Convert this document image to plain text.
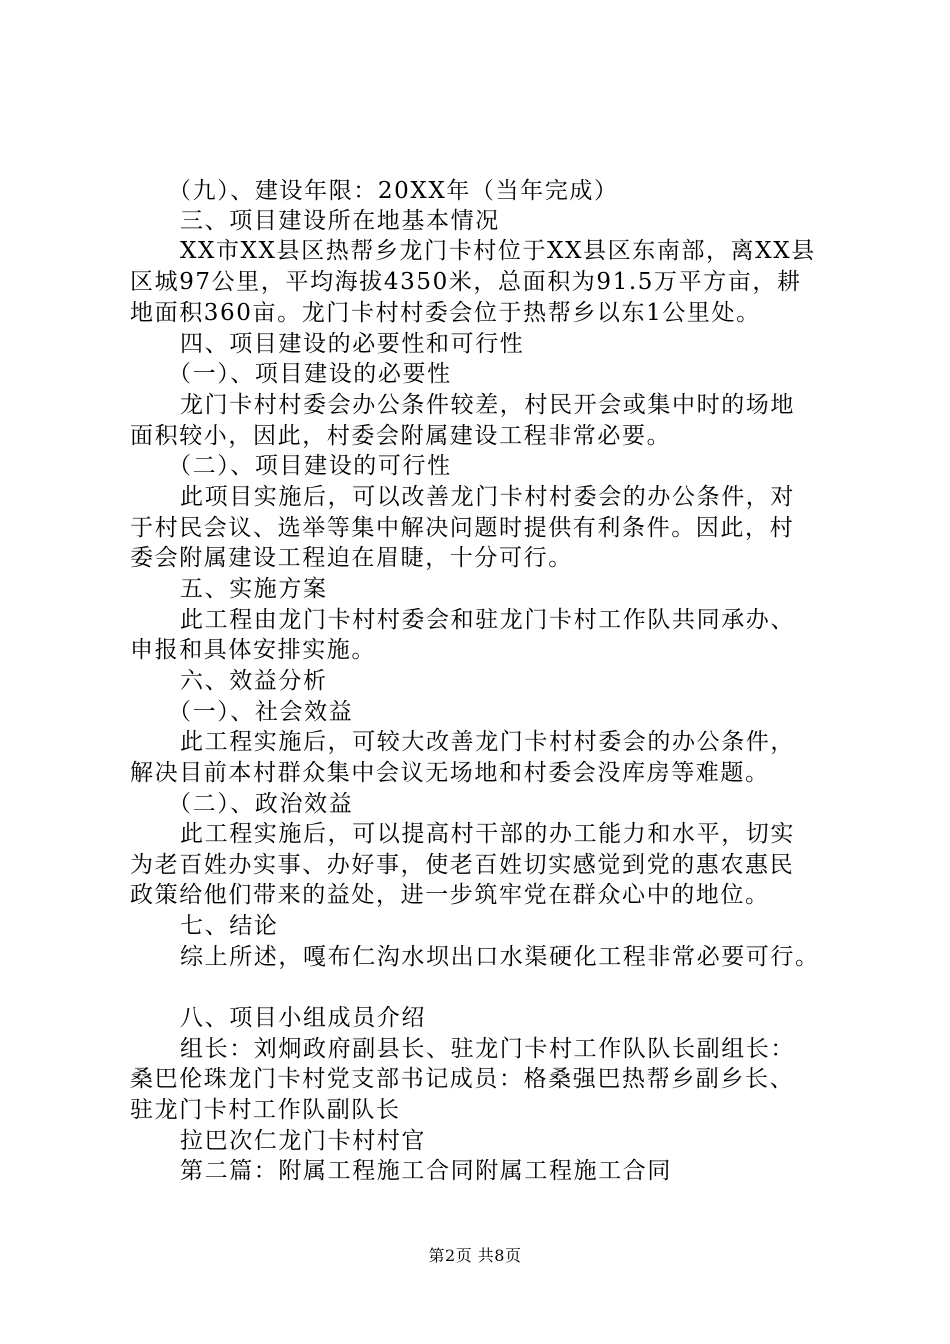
（九）、建设年限：20XX年（当年完成）
三、项目建设所在地基本情况
XX市XX县区热帮乡龙门卡村位于XX县区东南部，离XX县
区城97公里，平均海拔4350米，总面积为91.5万平方亩，耕
地面积360亩。龙门卡村村委会位于热帮乡以东1公里处。
四、项目建设的必要性和可行性
（一）、项目建设的必要性
龙门卡村村委会办公条件较差，村民开会或集中时的场地
面积较小，因此，村委会附属建设工程非常必要。
（二）、项目建设的可行性
此项目实施后，可以改善龙门卡村村委会的办公条件，对
于村民会议、选举等集中解决问题时提供有利条件。因此，村
委会附属建设工程迫在眉睫，十分可行。
五、实施方案
此工程由龙门卡村村委会和驻龙门卡村工作队共同承办、
申报和具体安排实施。
六、效益分析
（一）、社会效益
此工程实施后，可较大改善龙门卡村村委会的办公条件，
解决目前本村群众集中会议无场地和村委会没库房等难题。
（二）、政治效益
此工程实施后，可以提高村干部的办工能力和水平，切实
为老百姓办实事、办好事，使老百姓切实感觉到党的惠农惠民
政策给他们带来的益处，进一步筑牢党在群众心中的地位。
七、结论
综上所述，嘎布仁沟水坝出口水渠硬化工程非常必要可行。
八、项目小组成员介绍
组长：刘炯政府副县长、驻龙门卡村工作队队长副组长：
桑巴伦珠龙门卡村党支部书记成员：格桑强巴热帮乡副乡长、
驻龙门卡村工作队副队长
拉巴次仁龙门卡村村官
第二篇：附属工程施工合同附属工程施工合同
第2页 共8页
